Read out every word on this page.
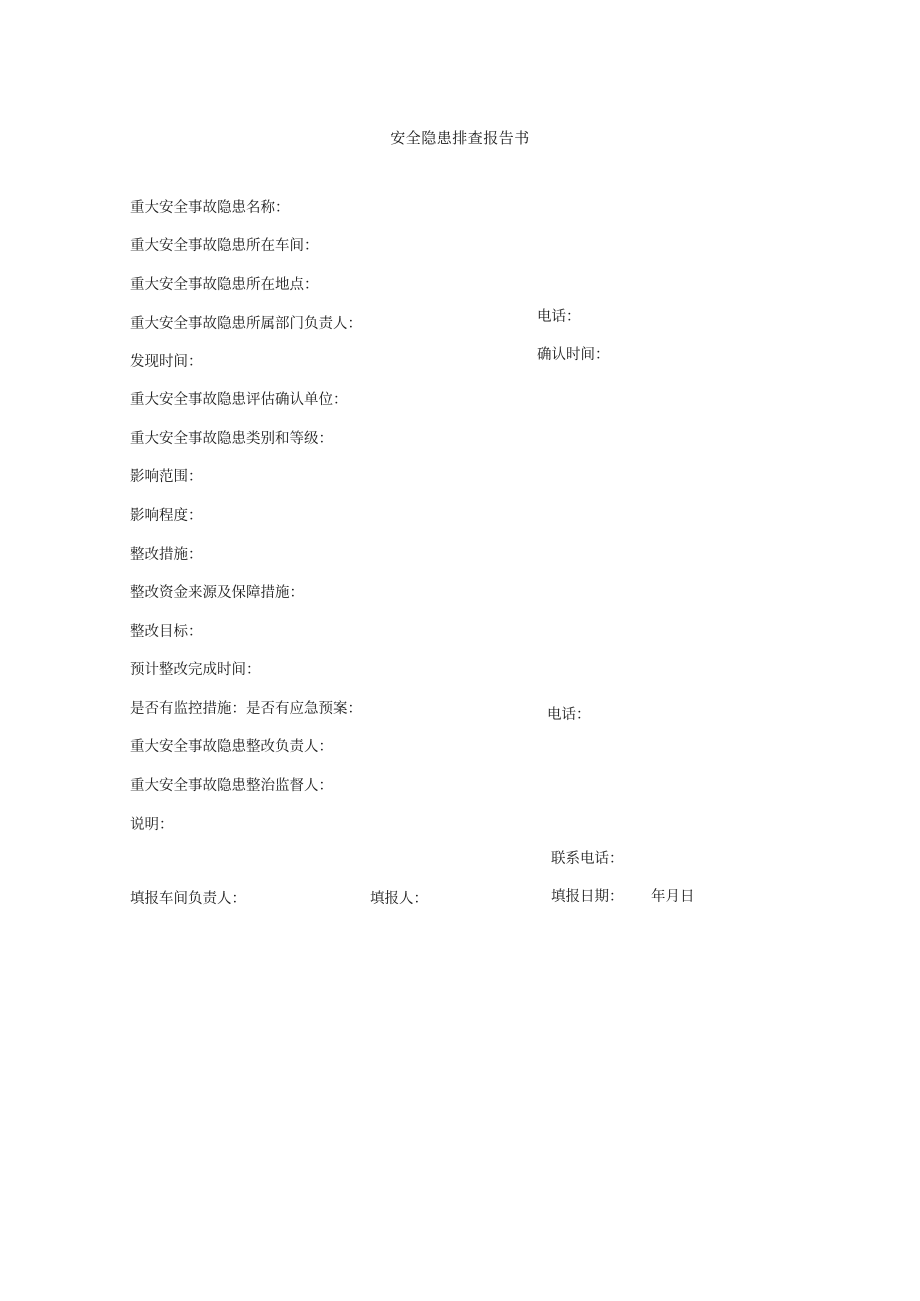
安全隐患排查报告书
重大安全事故隐患名称：
重大安全事故隐患所在车间：
重大安全事故隐患所在地点：
重大安全事故隐患所属部门负责人：	电话：
发现时间：	确认时间：
重大安全事故隐患评估确认单位：
重大安全事故隐患类别和等级：
影响范围：
影响程度：
整改措施：
整改资金来源及保障措施：
整改目标：
预计整改完成时间：
是否有监控措施：是否有应急预案：	电话：
重大安全事故隐患整改负责人：
重大安全事故隐患整治监督人：
说明：
联系电话：
填报车间负责人：	填报人：	填报日期： 年月日
